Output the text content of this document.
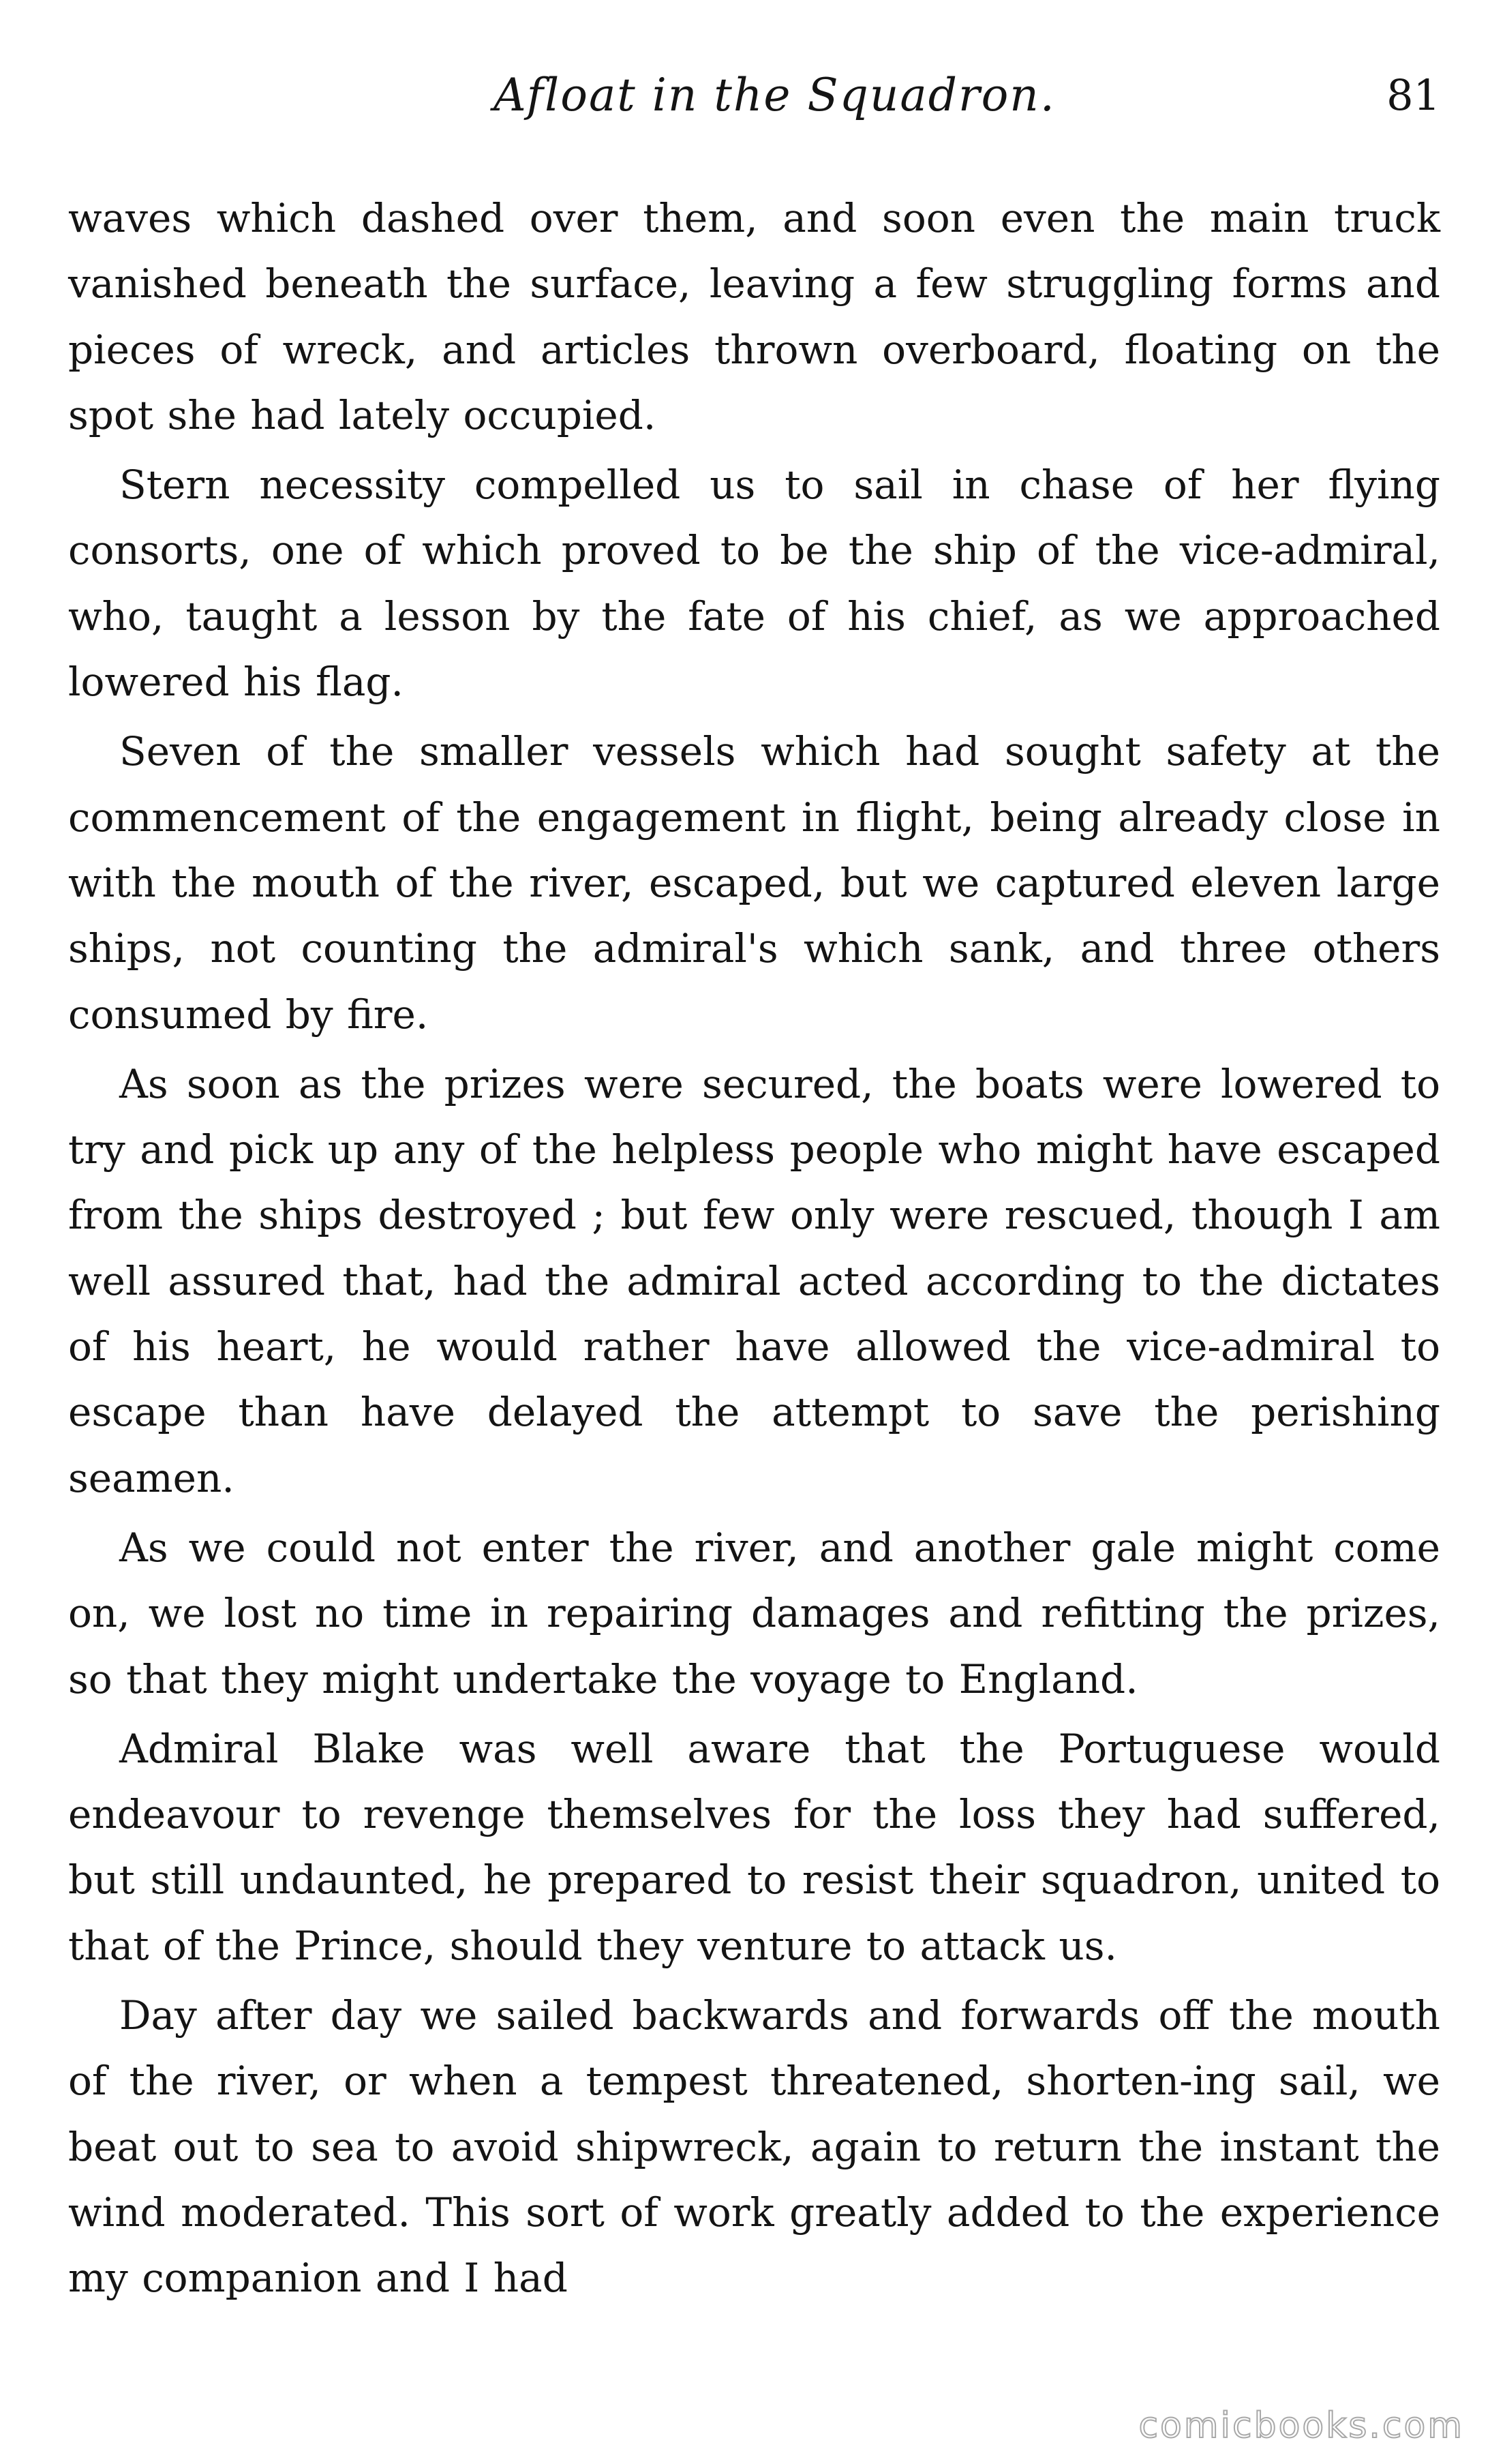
Afloat in the Squadron.	81

waves which dashed over them, and soon even the main truck vanished beneath the surface, leaving a few struggling forms and pieces of wreck, and articles thrown overboard, floating on the spot she had lately occupied.

Stern necessity compelled us to sail in chase of her flying consorts, one of which proved to be the ship of the vice-admiral, who, taught a lesson by the fate of his chief, as we approached lowered his flag.

Seven of the smaller vessels which had sought safety at the commencement of the engagement in flight, being already close in with the mouth of the river, escaped, but we captured eleven large ships, not counting the admiral's which sank, and three others consumed by fire.

As soon as the prizes were secured, the boats were lowered to try and pick up any of the helpless people who might have escaped from the ships destroyed ; but few only were rescued, though I am well assured that, had the admiral acted according to the dictates of his heart, he would rather have allowed the vice-admiral to escape than have delayed the attempt to save the perishing seamen.

As we could not enter the river, and another gale might come on, we lost no time in repairing damages and refitting the prizes, so that they might undertake the voyage to England.

Admiral Blake was well aware that the Portuguese would endeavour to revenge themselves for the loss they had suffered, but still undaunted, he prepared to resist their squadron, united to that of the Prince, should they venture to attack us.

Day after day we sailed backwards and forwards off the mouth of the river, or when a tempest threatened, shorten-ing sail, we beat out to sea to avoid shipwreck, again to return the instant the wind moderated. This sort of work greatly added to the experience my companion and I had

comicbooks.com
